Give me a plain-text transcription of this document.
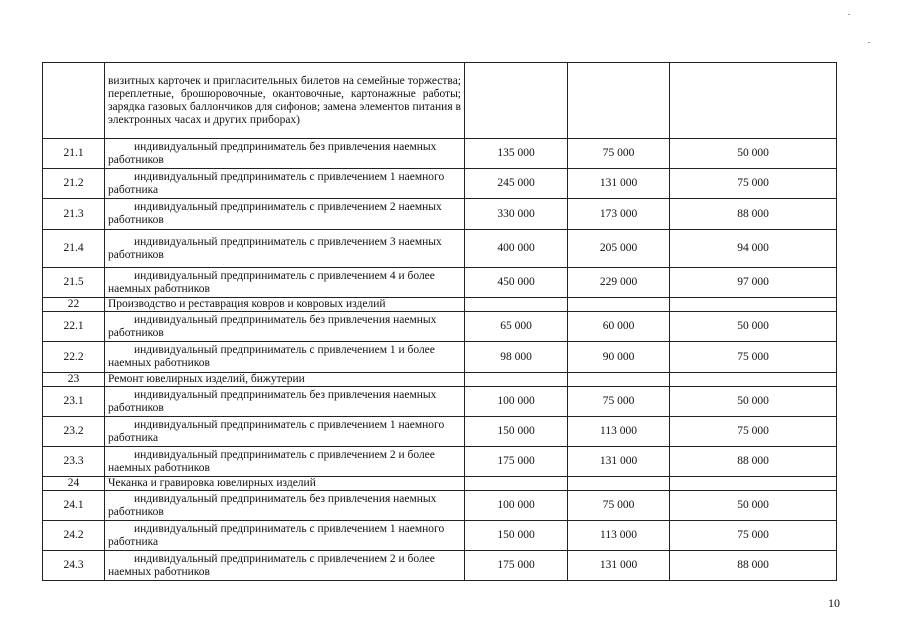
	визитных карточек и пригласительных билетов на семейные торжества; переплетные, брошюровочные, окантовочные, картонажные работы; зарядка газовых баллончиков для сифонов; замена элементов питания в электронных часах и других приборах)			
21.1	индивидуальный предприниматель без привлечения наемных работников	135 000	75 000	50 000
21.2	индивидуальный предприниматель с привлечением 1 наемного работника	245 000	131 000	75 000
21.3	индивидуальный предприниматель с привлечением 2 наемных работников	330 000	173 000	88 000
21.4	индивидуальный предприниматель с привлечением 3 наемных работников	400 000	205 000	94 000
21.5	индивидуальный предприниматель с привлечением 4 и более наемных работников	450 000	229 000	97 000
22	Производство и реставрация ковров и ковровых изделий			
22.1	индивидуальный предприниматель без привлечения наемных работников	65 000	60 000	50 000
22.2	индивидуальный предприниматель с привлечением 1 и более наемных работников	98 000	90 000	75 000
23	Ремонт ювелирных изделий, бижутерии			
23.1	индивидуальный предприниматель без привлечения наемных работников	100 000	75 000	50 000
23.2	индивидуальный предприниматель с привлечением 1 наемного работника	150 000	113 000	75 000
23.3	индивидуальный предприниматель с привлечением 2 и более наемных работников	175 000	131 000	88 000
24	Чеканка и гравировка ювелирных изделий			
24.1	индивидуальный предприниматель без привлечения наемных работников	100 000	75 000	50 000
24.2	индивидуальный предприниматель с привлечением 1 наемного работника	150 000	113 000	75 000
24.3	индивидуальный предприниматель с привлечением 2 и более наемных работников	175 000	131 000	88 000
10
